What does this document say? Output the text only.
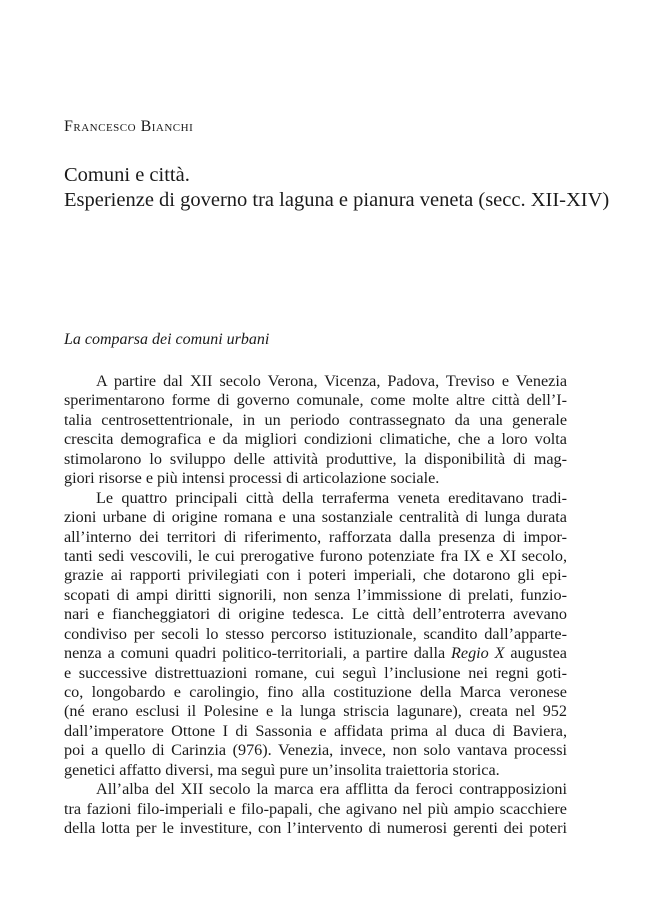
Francesco Bianchi
Comuni e città.
Esperienze di governo tra laguna e pianura veneta (secc. XII-XIV)
La comparsa dei comuni urbani
A partire dal XII secolo Verona, Vicenza, Padova, Treviso e Venezia
sperimentarono forme di governo comunale, come molte altre città dell’I-
talia centrosettentrionale, in un periodo contrassegnato da una generale
crescita demografica e da migliori condizioni climatiche, che a loro volta
stimolarono lo sviluppo delle attività produttive, la disponibilità di mag-
giori risorse e più intensi processi di articolazione sociale.
Le quattro principali città della terraferma veneta ereditavano tradi-
zioni urbane di origine romana e una sostanziale centralità di lunga durata
all’interno dei territori di riferimento, rafforzata dalla presenza di impor-
tanti sedi vescovili, le cui prerogative furono potenziate fra IX e XI secolo,
grazie ai rapporti privilegiati con i poteri imperiali, che dotarono gli epi-
scopati di ampi diritti signorili, non senza l’immissione di prelati, funzio-
nari e fiancheggiatori di origine tedesca. Le città dell’entroterra avevano
condiviso per secoli lo stesso percorso istituzionale, scandito dall’apparte-
nenza a comuni quadri politico-territoriali, a partire dalla Regio X augustea
e successive distrettuazioni romane, cui seguì l’inclusione nei regni goti-
co, longobardo e carolingio, fino alla costituzione della Marca veronese
(né erano esclusi il Polesine e la lunga striscia lagunare), creata nel 952
dall’imperatore Ottone I di Sassonia e affidata prima al duca di Baviera,
poi a quello di Carinzia (976). Venezia, invece, non solo vantava processi
genetici affatto diversi, ma seguì pure un’insolita traiettoria storica.
All’alba del XII secolo la marca era afflitta da feroci contrapposizioni
tra fazioni filo-imperiali e filo-papali, che agivano nel più ampio scacchiere
della lotta per le investiture, con l’intervento di numerosi gerenti dei poteri
